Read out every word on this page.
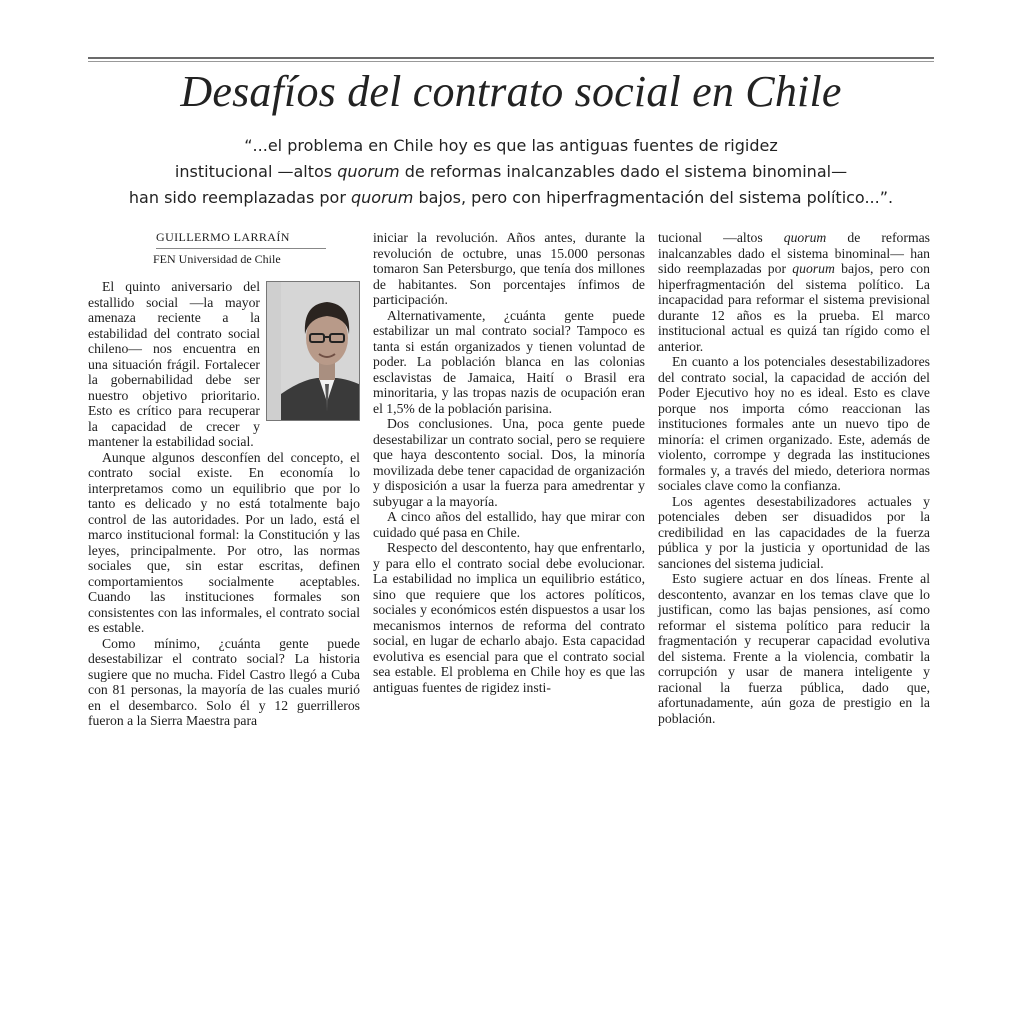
Desafíos del contrato social en Chile
“...el problema en Chile hoy es que las antiguas fuentes de rigidez
institucional —altos quorum de reformas inalcanzables dado el sistema binominal—
han sido reemplazadas por quorum bajos, pero con hiperfragmentación del sistema político...”.
GUILLERMO LARRAÍN
FEN Universidad de Chile

El quinto aniversario del estallido social —la mayor amenaza reciente a la estabilidad del contrato social chileno— nos encuentra en una situación frágil. Fortalecer la gobernabilidad debe ser nuestro objetivo prioritario. Esto es crítico para recuperar la capacidad de crecer y mantener la estabilidad social.

Aunque algunos desconfíen del concepto, el contrato social existe. En economía lo interpretamos como un equilibrio que por lo tanto es delicado y no está totalmente bajo control de las autoridades. Por un lado, está el marco institucional formal: la Constitución y las leyes, principalmente. Por otro, las normas sociales que, sin estar escritas, definen comportamientos socialmente aceptables. Cuando las instituciones formales son consistentes con las informales, el contrato social es estable.

Como mínimo, ¿cuánta gente puede desestabilizar el contrato social? La historia sugiere que no mucha. Fidel Castro llegó a Cuba con 81 personas, la mayoría de las cuales murió en el desembarco. Solo él y 12 guerrilleros fueron a la Sierra Maestra para

iniciar la revolución. Años antes, durante la revolución de octubre, unas 15.000 personas tomaron San Petersburgo, que tenía dos millones de habitantes. Son porcentajes ínfimos de participación.

Alternativamente, ¿cuánta gente puede estabilizar un mal contrato social? Tampoco es tanta si están organizados y tienen voluntad de poder. La población blanca en las colonias esclavistas de Jamaica, Haití o Brasil era minoritaria, y las tropas nazis de ocupación eran el 1,5% de la población parisina.

Dos conclusiones. Una, poca gente puede desestabilizar un contrato social, pero se requiere que haya descontento social. Dos, la minoría movilizada debe tener capacidad de organización y disposición a usar la fuerza para amedrentar y subyugar a la mayoría.

A cinco años del estallido, hay que mirar con cuidado qué pasa en Chile.

Respecto del descontento, hay que enfrentarlo, y para ello el contrato social debe evolucionar. La estabilidad no implica un equilibrio estático, sino que requiere que los actores políticos, sociales y económicos estén dispuestos a usar los mecanismos internos de reforma del contrato social, en lugar de echarlo abajo. Esta capacidad evolutiva es esencial para que el contrato social sea estable. El problema en Chile hoy es que las antiguas fuentes de rigidez insti-

tucional —altos quorum de reformas inalcanzables dado el sistema binominal— han sido reemplazadas por quorum bajos, pero con hiperfragmentación del sistema político. La incapacidad para reformar el sistema previsional durante 12 años es la prueba. El marco institucional actual es quizá tan rígido como el anterior.

En cuanto a los potenciales desestabilizadores del contrato social, la capacidad de acción del Poder Ejecutivo hoy no es ideal. Esto es clave porque nos importa cómo reaccionan las instituciones formales ante un nuevo tipo de minoría: el crimen organizado. Este, además de violento, corrompe y degrada las instituciones formales y, a través del miedo, deteriora normas sociales clave como la confianza.

Los agentes desestabilizadores actuales y potenciales deben ser disuadidos por la credibilidad en las capacidades de la fuerza pública y por la justicia y oportunidad de las sanciones del sistema judicial.

Esto sugiere actuar en dos líneas. Frente al descontento, avanzar en los temas clave que lo justifican, como las bajas pensiones, así como reformar el sistema político para reducir la fragmentación y recuperar capacidad evolutiva del sistema. Frente a la violencia, combatir la corrupción y usar de manera inteligente y racional la fuerza pública, dado que, afortunadamente, aún goza de prestigio en la población.
